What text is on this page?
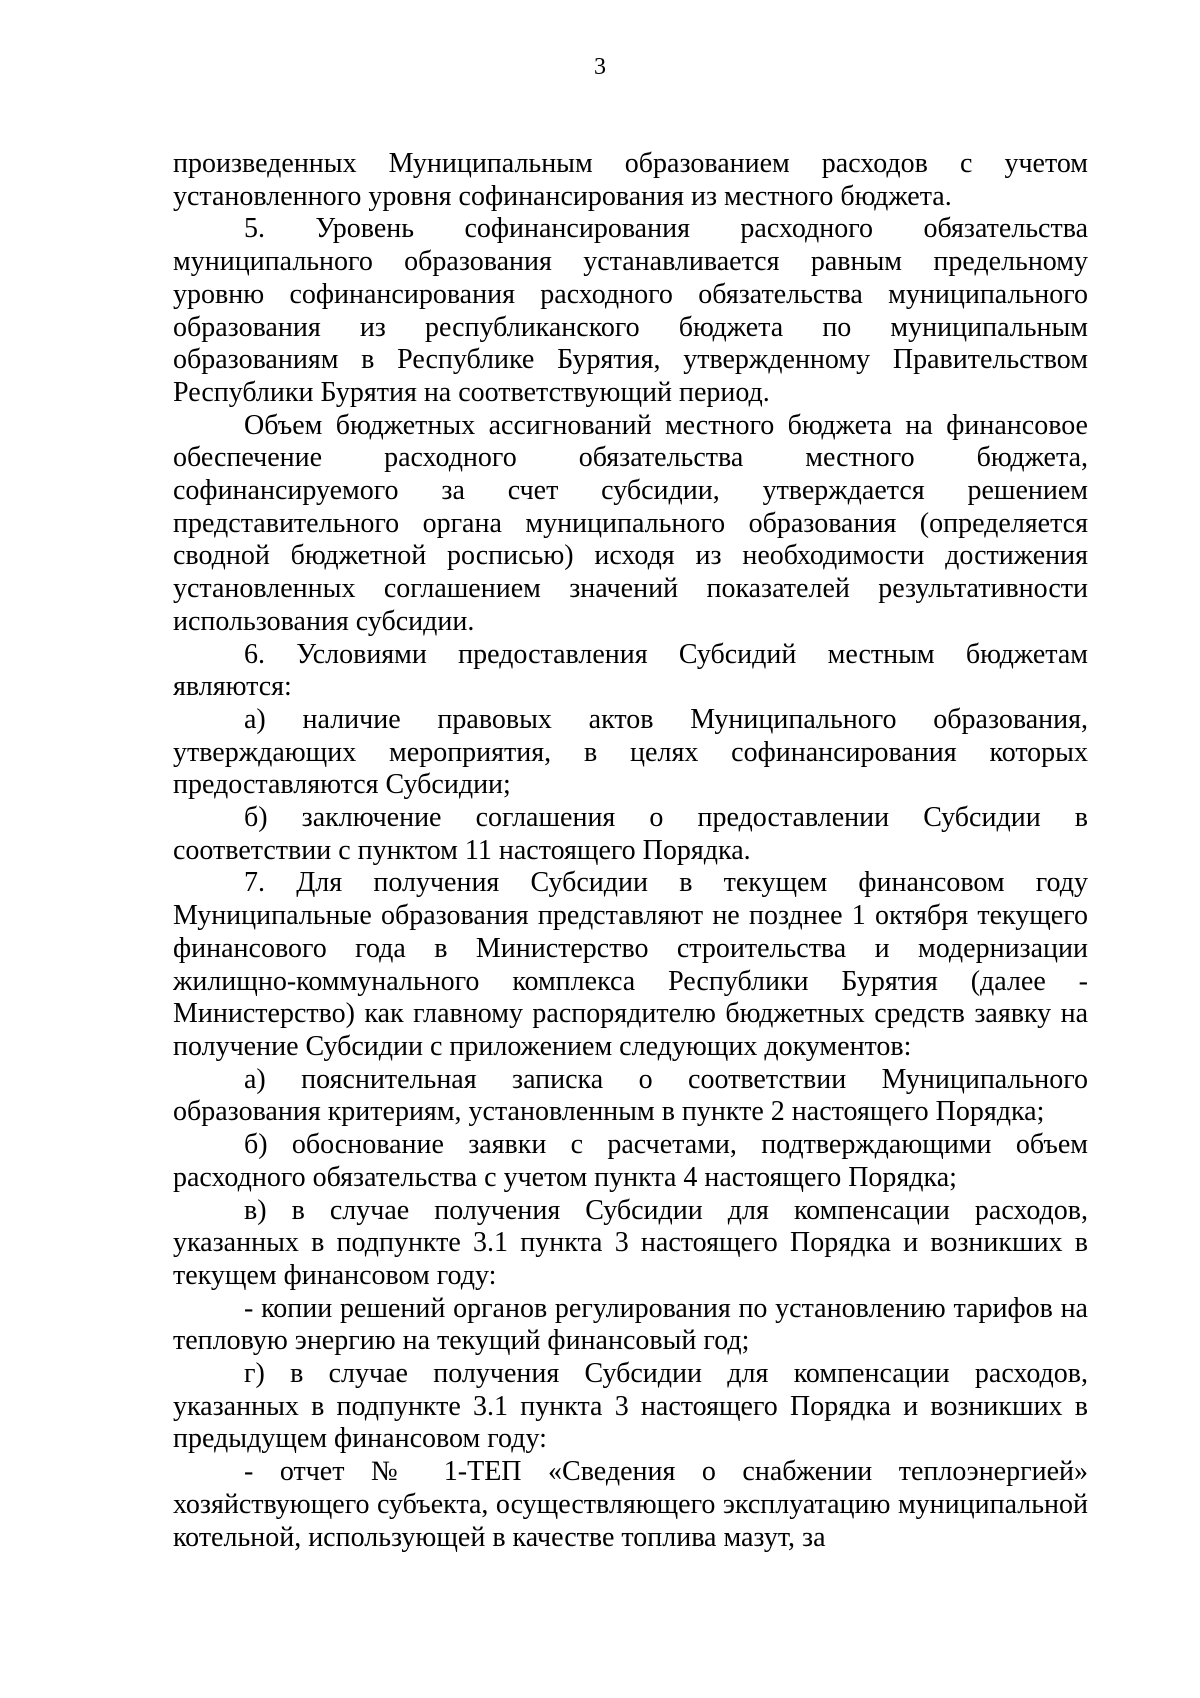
3

произведенных Муниципальным образованием расходов с учетом установленного уровня софинансирования из местного бюджета.

5. Уровень софинансирования расходного обязательства муниципального образования устанавливается равным предельному уровню софинансирования расходного обязательства муниципального образования из республиканского бюджета по муниципальным образованиям в Республике Бурятия, утвержденному Правительством Республики Бурятия на соответствующий период.

Объем бюджетных ассигнований местного бюджета на финансовое обеспечение расходного обязательства местного бюджета, софинансируемого за счет субсидии, утверждается решением представительного органа муниципального образования (определяется сводной бюджетной росписью) исходя из необходимости достижения установленных соглашением значений показателей результативности использования субсидии.

6. Условиями предоставления Субсидий местным бюджетам являются:

а) наличие правовых актов Муниципального образования, утверждающих мероприятия, в целях софинансирования которых предоставляются Субсидии;

б) заключение соглашения о предоставлении Субсидии в соответствии с пунктом 11 настоящего Порядка.

7. Для получения Субсидии в текущем финансовом году Муниципальные образования представляют не позднее 1 октября текущего финансового года в Министерство строительства и модернизации жилищно-коммунального комплекса Республики Бурятия (далее - Министерство) как главному распорядителю бюджетных средств заявку на получение Субсидии с приложением следующих документов:

а) пояснительная записка о соответствии Муниципального образования критериям, установленным в пункте 2 настоящего Порядка;

б) обоснование заявки с расчетами, подтверждающими объем расходного обязательства с учетом пункта 4 настоящего Порядка;

в) в случае получения Субсидии для компенсации расходов, указанных в подпункте 3.1 пункта 3 настоящего Порядка и возникших в текущем финансовом году:

- копии решений органов регулирования по установлению тарифов на тепловую энергию на текущий финансовый год;

г) в случае получения Субсидии для компенсации расходов, указанных в подпункте 3.1 пункта 3 настоящего Порядка и возникших в предыдущем финансовом году:

- отчет № 1-ТЕП «Сведения о снабжении теплоэнергией» хозяйствующего субъекта, осуществляющего эксплуатацию муниципальной котельной, использующей в качестве топлива мазут, за
